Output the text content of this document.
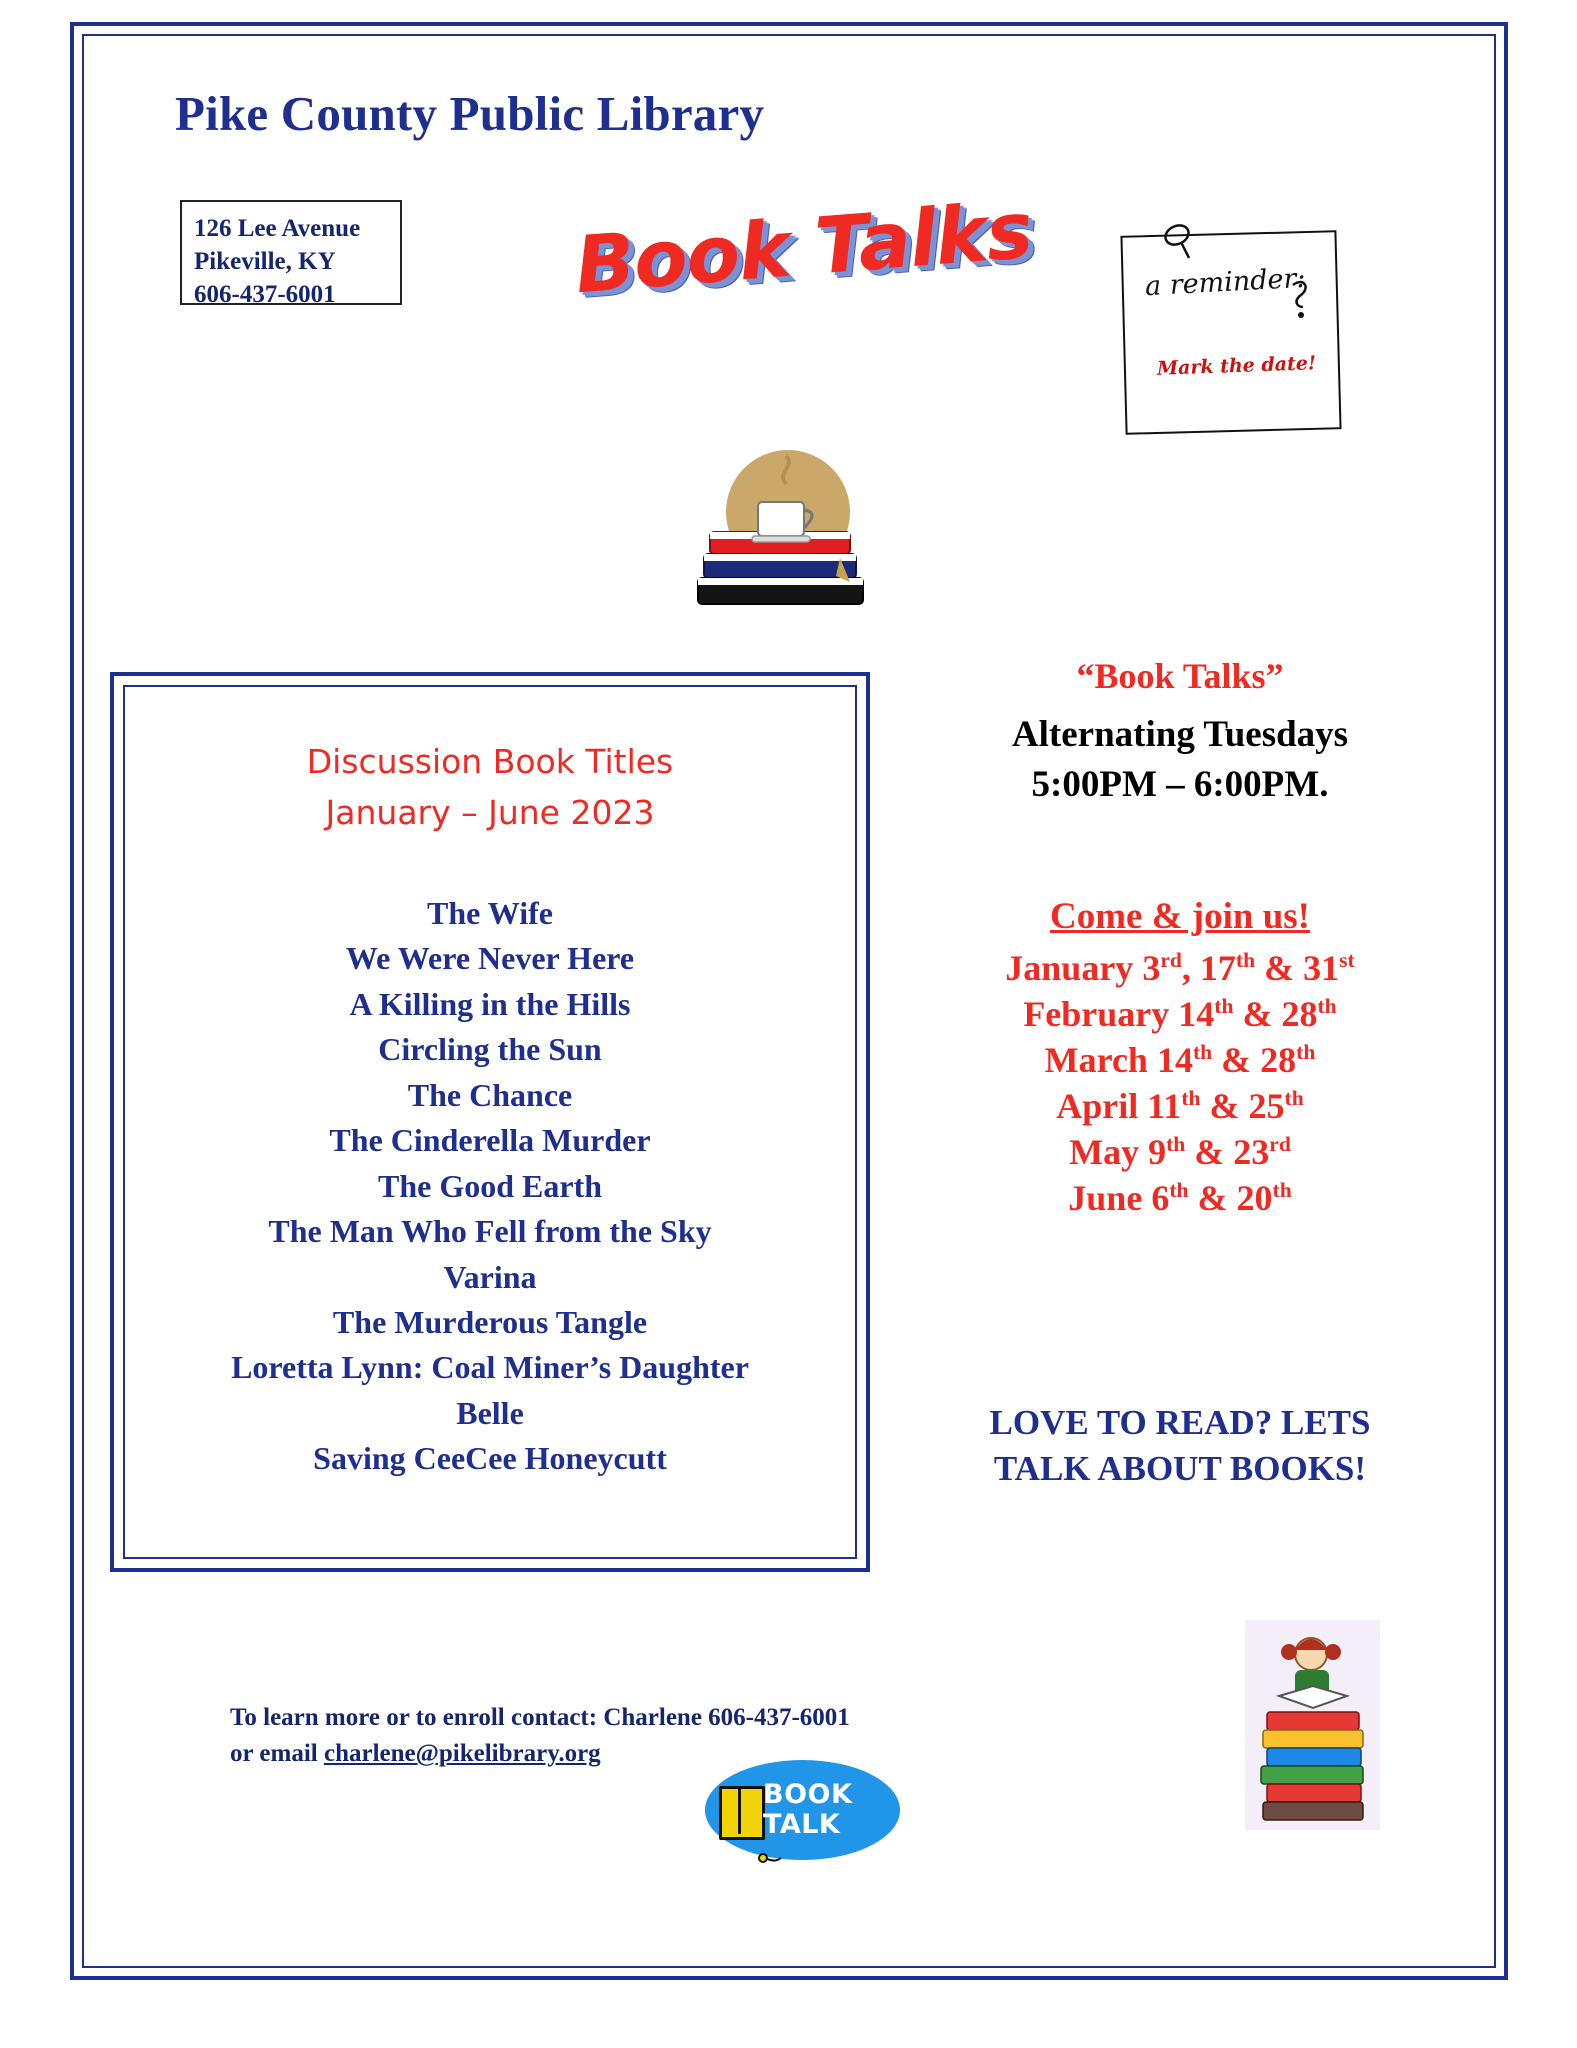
Pike County Public Library
126 Lee Avenue
Pikeville, KY
606-437-6001	Book Talks	a reminder:
Mark the date!
Discussion Book Titles
January – June 2023
The Wife
We Were Never Here
A Killing in the Hills
Circling the Sun
The Chance
The Cinderella Murder
The Good Earth
The Man Who Fell from the Sky
Varina
The Murderous Tangle
Loretta Lynn: Coal Miner’s Daughter
Belle
Saving CeeCee Honeycutt
“Book Talks”
Alternating Tuesdays
5:00PM – 6:00PM.
Come & join us!
January 3rd, 17th & 31st
February 14th & 28th
March 14th & 28th
April 11th & 25th
May 9th & 23rd
June 6th & 20th
LOVE TO READ? LETS
TALK ABOUT BOOKS!
To learn more or to enroll contact: Charlene 606-437-6001
or email charlene@pikelibrary.org
BOOK
TALK
